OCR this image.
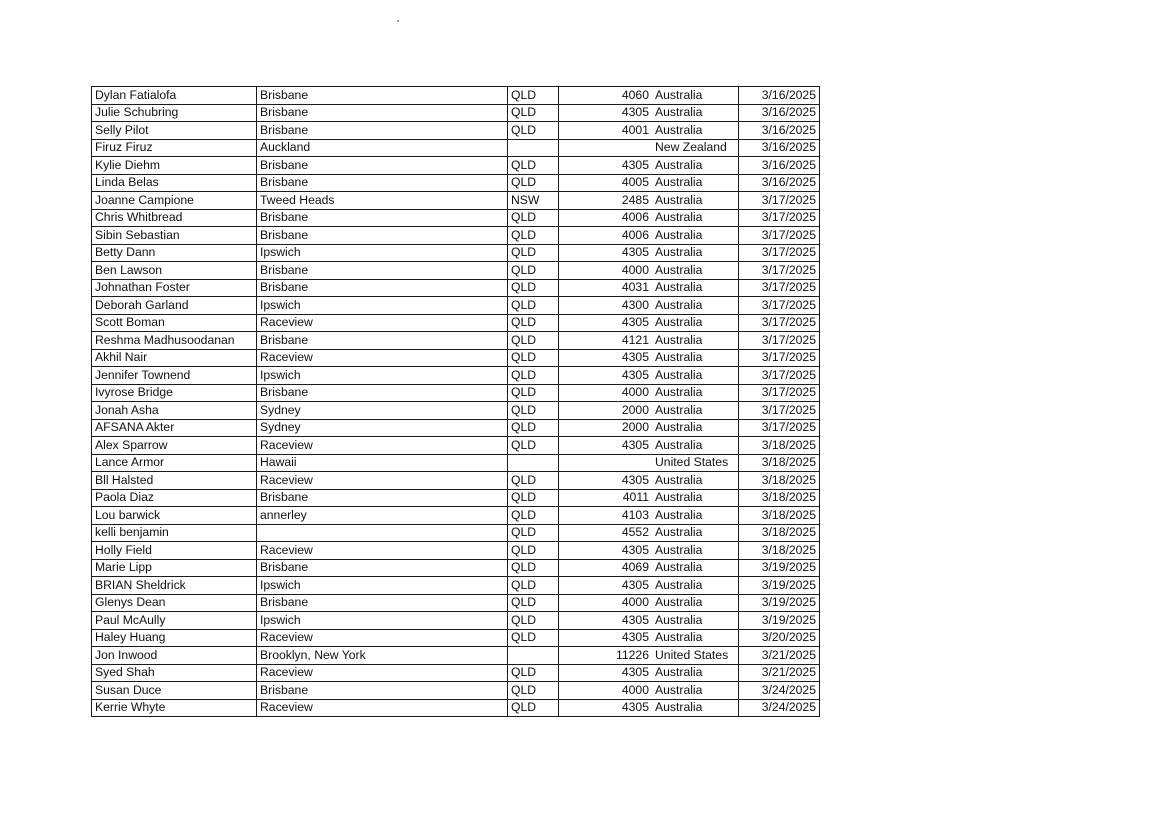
Dylan Fatialofa	Brisbane	QLD	4060	Australia	3/16/2025
Julie Schubring	Brisbane	QLD	4305	Australia	3/16/2025
Selly Pilot	Brisbane	QLD	4001	Australia	3/16/2025
Firuz Firuz	Auckland			New Zealand	3/16/2025
Kylie Diehm	Brisbane	QLD	4305	Australia	3/16/2025
Linda Belas	Brisbane	QLD	4005	Australia	3/16/2025
Joanne Campione	Tweed Heads	NSW	2485	Australia	3/17/2025
Chris Whitbread	Brisbane	QLD	4006	Australia	3/17/2025
Sibin Sebastian	Brisbane	QLD	4006	Australia	3/17/2025
Betty Dann	Ipswich	QLD	4305	Australia	3/17/2025
Ben Lawson	Brisbane	QLD	4000	Australia	3/17/2025
Johnathan Foster	Brisbane	QLD	4031	Australia	3/17/2025
Deborah Garland	Ipswich	QLD	4300	Australia	3/17/2025
Scott Boman	Raceview	QLD	4305	Australia	3/17/2025
Reshma Madhusoodanan	Brisbane	QLD	4121	Australia	3/17/2025
Akhil Nair	Raceview	QLD	4305	Australia	3/17/2025
Jennifer Townend	Ipswich	QLD	4305	Australia	3/17/2025
Ivyrose Bridge	Brisbane	QLD	4000	Australia	3/17/2025
Jonah Asha	Sydney	QLD	2000	Australia	3/17/2025
AFSANA Akter	Sydney	QLD	2000	Australia	3/17/2025
Alex Sparrow	Raceview	QLD	4305	Australia	3/18/2025
Lance Armor	Hawaii			United States	3/18/2025
Bll Halsted	Raceview	QLD	4305	Australia	3/18/2025
Paola Diaz	Brisbane	QLD	4011	Australia	3/18/2025
Lou barwick	annerley	QLD	4103	Australia	3/18/2025
kelli benjamin		QLD	4552	Australia	3/18/2025
Holly Field	Raceview	QLD	4305	Australia	3/18/2025
Marie Lipp	Brisbane	QLD	4069	Australia	3/19/2025
BRIAN Sheldrick	Ipswich	QLD	4305	Australia	3/19/2025
Glenys Dean	Brisbane	QLD	4000	Australia	3/19/2025
Paul McAully	Ipswich	QLD	4305	Australia	3/19/2025
Haley Huang	Raceview	QLD	4305	Australia	3/20/2025
Jon Inwood	Brooklyn, New York		11226	United States	3/21/2025
Syed Shah	Raceview	QLD	4305	Australia	3/21/2025
Susan Duce	Brisbane	QLD	4000	Australia	3/24/2025
Kerrie Whyte	Raceview	QLD	4305	Australia	3/24/2025
